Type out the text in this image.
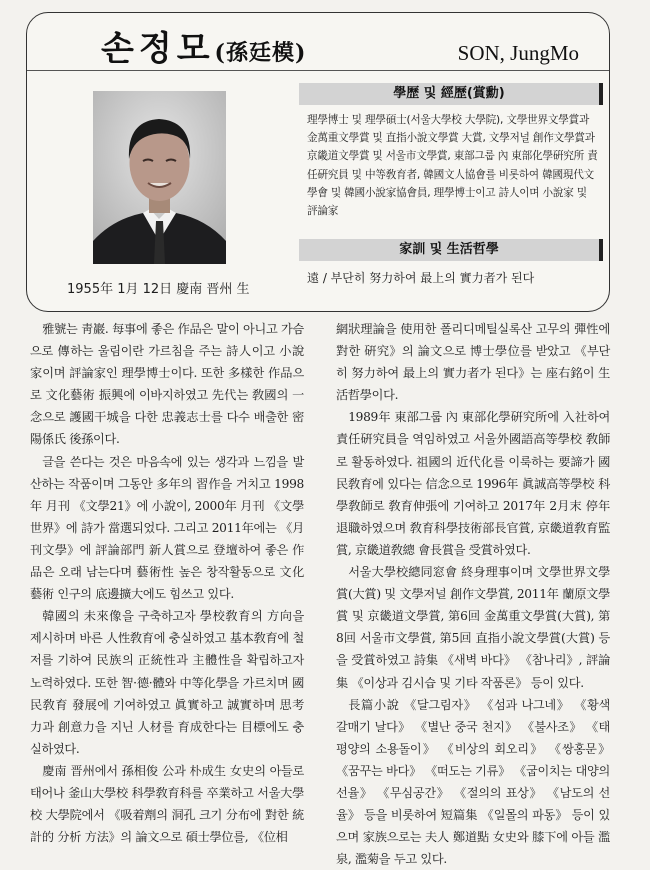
손정모(孫廷模)	SON, JungMo
1955年 1月 12日 慶南 晋州 生
學歷 및 經歷(賞勳)
理學博士 및 理學碩士(서울大學校 大學院), 文學世界文學賞과 金萬重文學賞 및 直指小說文學賞 大賞, 文學저널 創作文學賞과 京畿道文學賞 및 서울市文學賞, 東部그룹 內 東部化學硏究所 責任硏究員 및 中等敎育者, 韓國文人協會를 비롯하여 韓國現代文學會 및 韓國小說家協會員, 理學博士이고 詩人이며 小說家 및 評論家
家訓 및 生活哲學
遠 / 부단히 努力하여 最上의 實力者가 된다

雅號는 靑巖. 每事에 좋은 作品은 말이 아니고 가슴으로 傳하는 울림이란 가르침을 주는 詩人이고 小說家이며 評論家인 理學博士이다. 또한 多樣한 作品으로 文化藝術 振興에 이바지하였고 先代는 敎國의 一念으로 護國干城을 다한 忠義志士를 다수 배출한 密陽係氏 後孫이다.

글을 쓴다는 것은 마음속에 있는 생각과 느낌을 발산하는 작품이며 그동안 多年의 習作을 거치고 1998年 月刊 《文學21》에 小說이, 2000年 月刊 《文學世界》에 詩가 當選되었다. 그리고 2011年에는 《月刊文學》에 評論部門 新人賞으로 登壇하여 좋은 作品은 오래 남는다며 藝術性 높은 창작활동으로 文化藝術 인구의 底邊擴大에도 힘쓰고 있다.

韓國의 未來像을 구축하고자 學校敎育의 方向을 제시하며 바른 人性敎育에 충실하였고 基本敎育에 철저를 기하여 民族의 正統性과 主體性을 확립하고자 노력하였다. 또한 智·德·體와 中等化學을 가르치며 國民敎育 發展에 기여하였고 眞實하고 誠實하며 思考力과 創意力을 지닌 人材를 育成한다는 目標에도 충실하였다.

慶南 晋州에서 孫相俊 公과 朴成生 女史의 아들로 태어나 釜山大學校 科學敎育科를 卒業하고 서울大學校 大學院에서 《吸着劑의 洞孔 크기 分布에 對한 統計的 分析 方法》의 論文으로 碩士學位를, 《位相

網狀理論을 使用한 폴리디메틸실록산 고무의 彈性에 對한 硏究》의 論文으로 博士學位를 받았고 《부단히 努力하여 最上의 實力者가 된다》는 座右銘이 生活哲學이다.

1989年 東部그룹 內 東部化學硏究所에 入社하여 責任硏究員을 역임하였고 서울外國語高等學校 敎師로 활동하였다. 祖國의 近代化를 이룩하는 要諦가 國民敎育에 있다는 信念으로 1996年 眞誠高等學校 科學敎師로 敎育伸張에 기여하고 2017年 2月末 停年退職하였으며 敎育科學技術部長官賞, 京畿道敎育監賞, 京畿道敎總 會長賞을 受賞하였다.

서울大學校總同窓會 終身理事이며 文學世界文學賞(大賞) 및 文學저널 創作文學賞, 2011年 蘭原文學賞 및 京畿道文學賞, 第6回 金萬重文學賞(大賞), 第8回 서울市文學賞, 第5回 直指小說文學賞(大賞) 등을 受賞하였고 詩集 《새벽 바다》 《참나리》, 評論集 《이상과 김시습 및 기타 작품론》 등이 있다.

長篇小說 《달그림자》 《섬과 나그네》 《황색 갈매기 날다》 《별난 중국 천지》 《불사조》 《태평양의 소용돌이》 《비상의 회오리》 《쌍홍문》 《꿈꾸는 바다》 《떠도는 기류》 《굽이치는 대양의 선율》 《무심공간》 《절의의 표상》 《남도의 선율》 등을 비롯하여 短篇集 《일몰의 파동》 등이 있으며 家族으로는 夫人 鄭道點 女史와 膝下에 아들 濫泉, 濫菊을 두고 있다.
